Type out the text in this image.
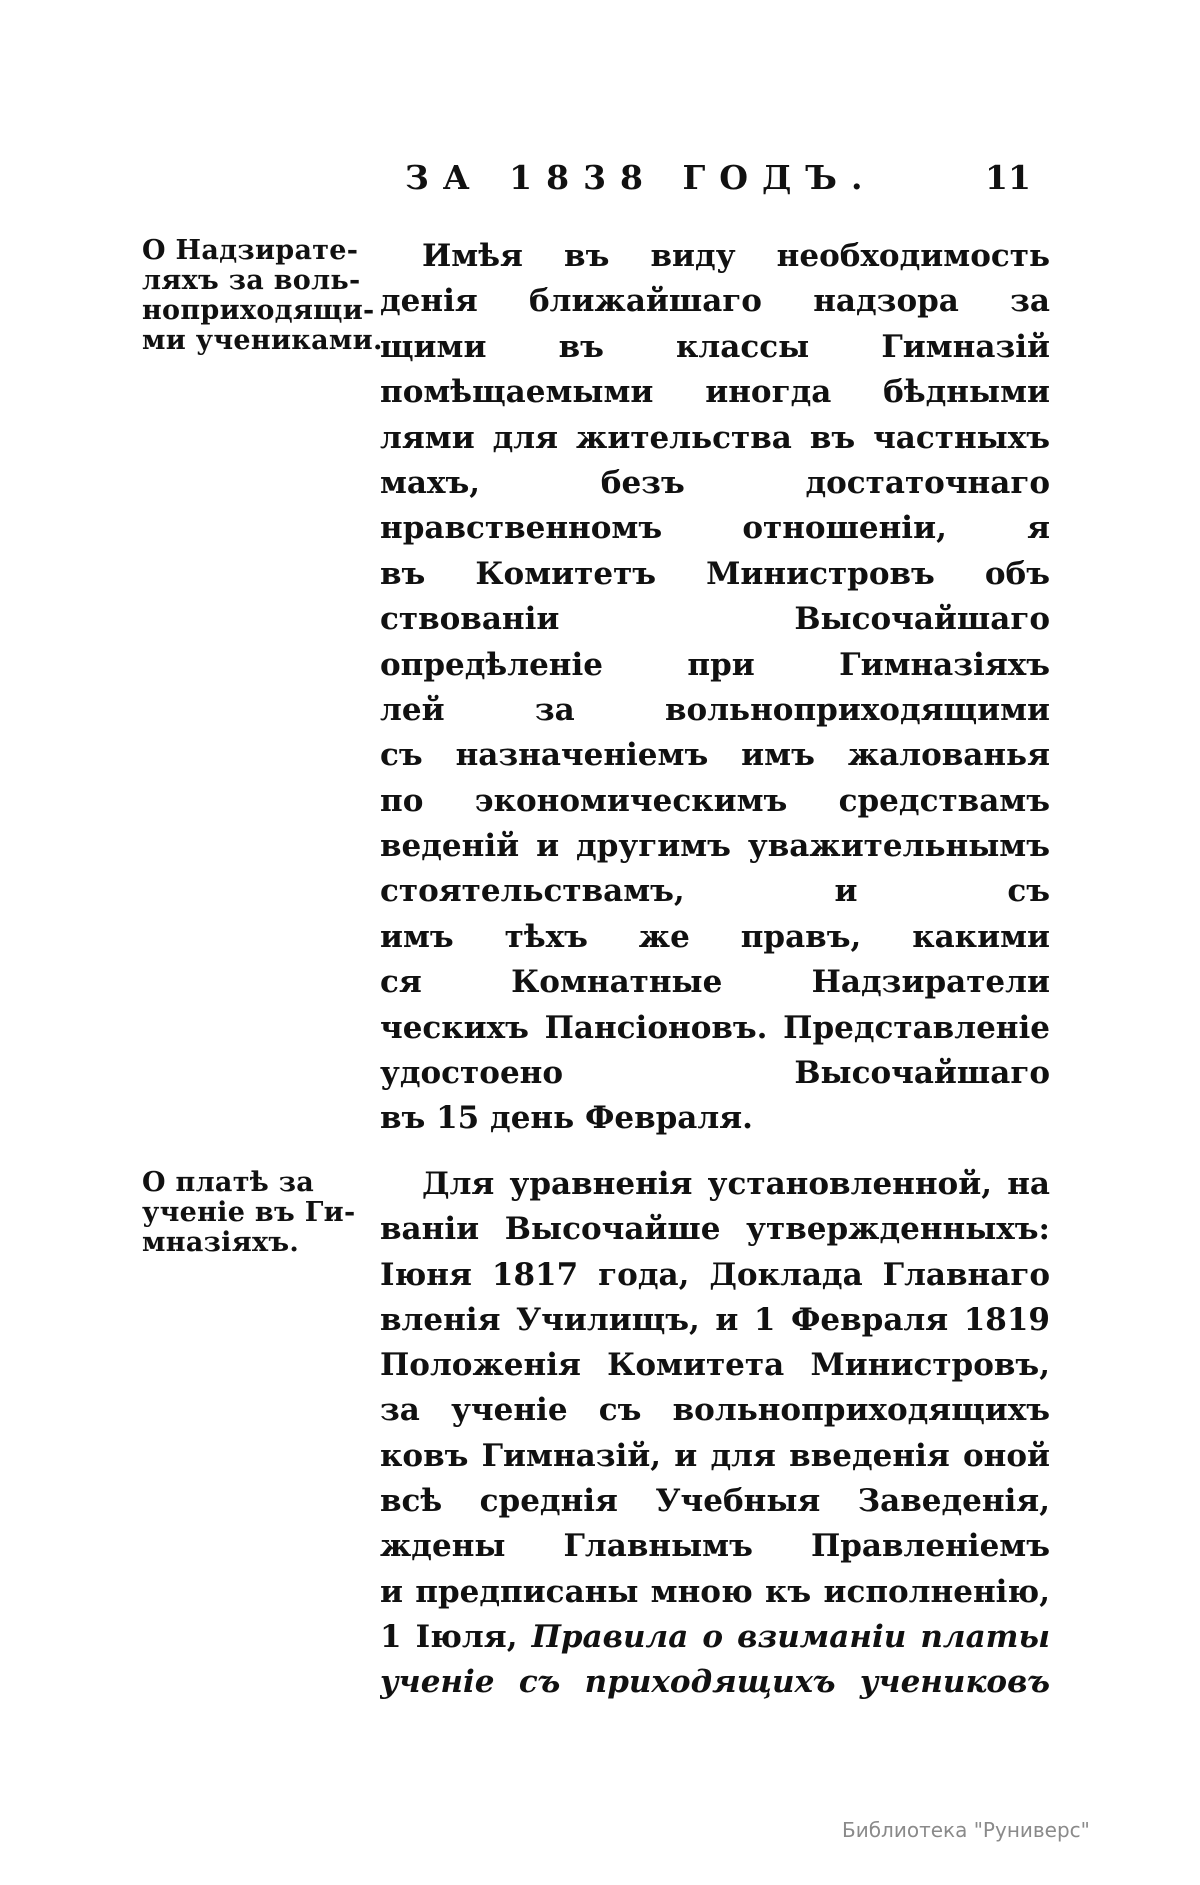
ЗА 1838 ГОДЪ.	11
О Надзирате-
ляхъ за воль-
ноприходящи-
ми учениками.
Имѣя въ виду необходимость
денія ближайшаго надзора за
щими въ классы Гимназій
помѣщаемыми иногда бѣдными
лями для жительства въ частныхъ
махъ, безъ достаточнаго
нравственномъ отношеніи, я
въ Комитетъ Министровъ объ
ствованіи Высочайшаго
опредѣленіе при Гимназіяхъ
лей за вольноприходящими
съ назначеніемъ имъ жалованья
по экономическимъ средствамъ
веденій и другимъ уважительнымъ
стоятельствамъ, и съ
имъ тѣхъ же правъ, какими
ся Комнатные Надзиратели
ческихъ Пансіоновъ. Представленіе
удостоено Высочайшаго
въ 15 день Февраля.
О платѣ за
ученіе въ Ги-
мназіяхъ.
Для уравненія установленной, на
ваніи Высочайше утвержденныхъ:
Іюня 1817 года, Доклада Главнаго
вленія Училищъ, и 1 Февраля 1819
Положенія Комитета Министровъ,
за ученіе съ вольноприходящихъ
ковъ Гимназій, и для введенія оной
всѣ среднія Учебныя Заведенія,
ждены Главнымъ Правленіемъ
и предписаны мною къ исполненію,
1 Іюля, Правила о взиманіи платы
ученіе съ приходящихъ учениковъ
Библиотека "Руниверс"
